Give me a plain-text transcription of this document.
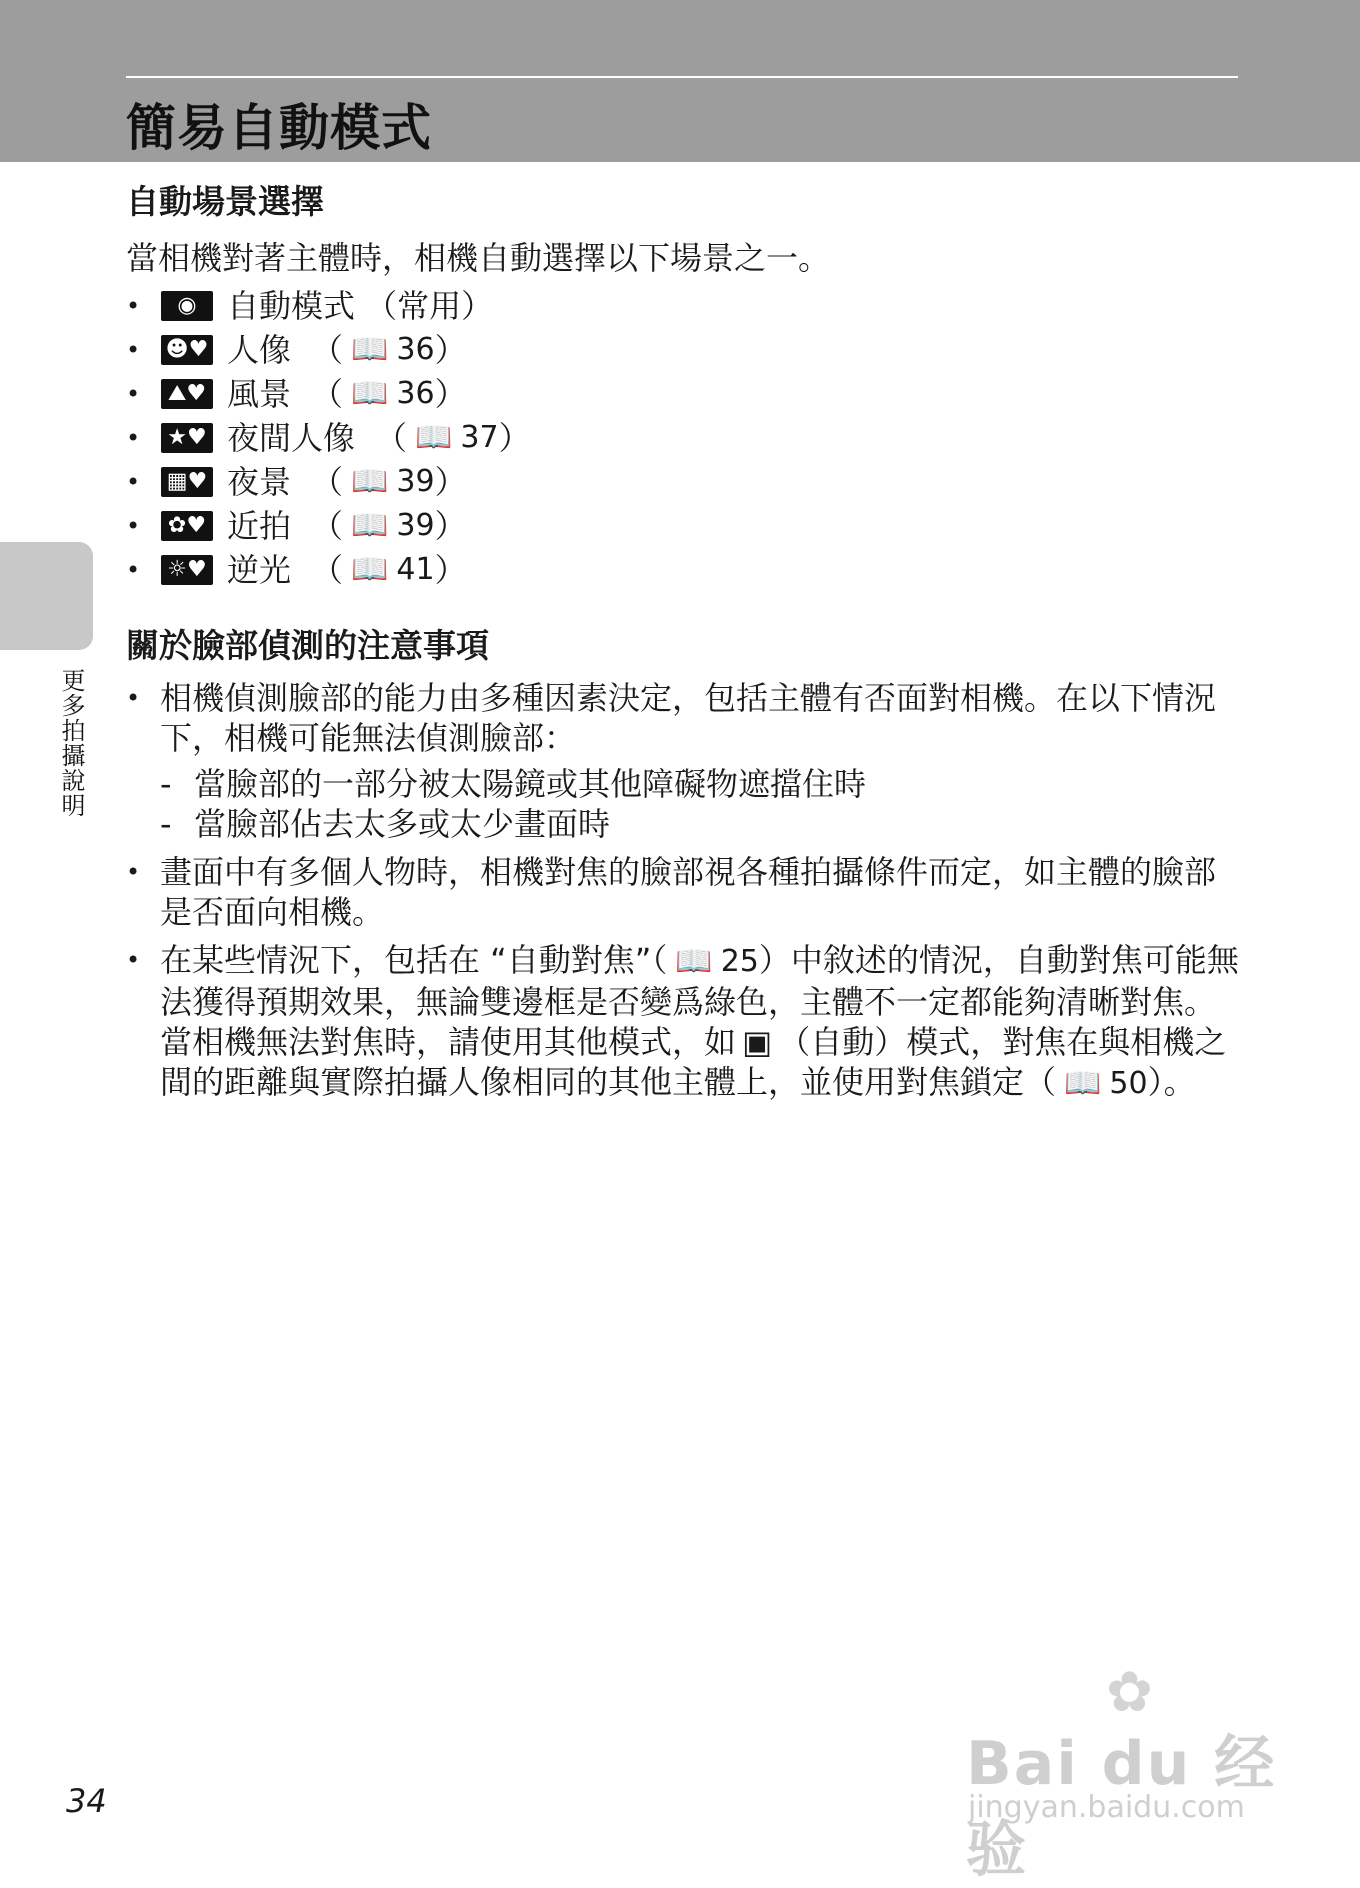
簡易自動模式
更多拍攝說明
自動場景選擇

當相機對著主體時，相機自動選擇以下場景之一。

•	◉ 自動模式 （常用）
•	☻♥ 人像 （ 📖 36 ）
•	⛰♥ 風景 （ 📖 36 ）
•	★♥ 夜間人像 （ 📖 37 ）
•	▦♥ 夜景 （ 📖 39 ）
•	✿♥ 近拍 （ 📖 39 ）
•	☼♥ 逆光 （ 📖 41 ）
關於臉部偵測的注意事項
• 相機偵測臉部的能力由多種因素決定，包括主體有否面對相機。在以下情況下，相機可能無法偵測臉部：
- 當臉部的一部分被太陽鏡或其他障礙物遮擋住時
- 當臉部佔去太多或太少畫面時
• 畫面中有多個人物時，相機對焦的臉部視各種拍攝條件而定，如主體的臉部是否面向相機。
• 在某些情況下，包括在 “自動對焦”（ 📖 25）中敘述的情況，自動對焦可能無法獲得預期效果，無論雙邊框是否變爲綠色，主體不一定都能夠清晰對焦。當相機無法對焦時，請使用其他模式，如 ▣ （自動）模式，對焦在與相機之間的距離與實際拍攝人像相同的其他主體上，並使用對焦鎖定（ 📖 50）。
34
✿
Bai du 经验
jingyan.baidu.com
